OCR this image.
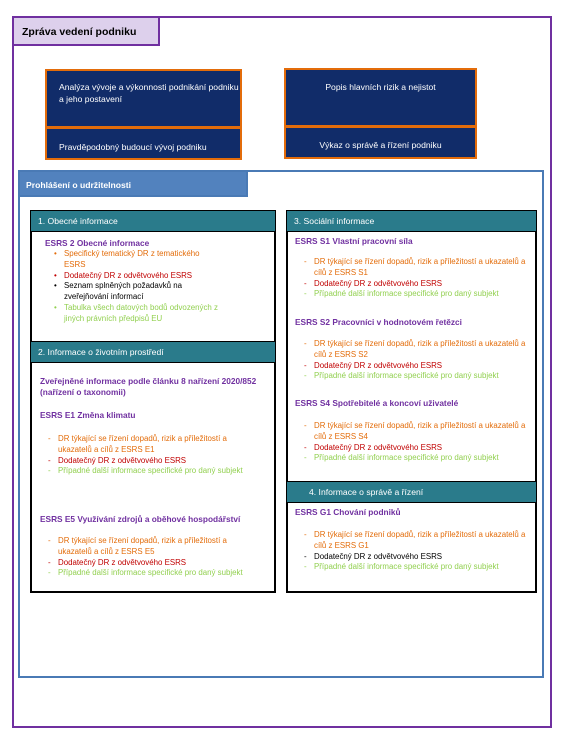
Zpráva vedení podniku
Analýza vývoje a výkonnosti podnikání podniku a jeho postavení
Pravděpodobný budoucí vývoj podniku
Popis hlavních rizik a nejistot
Výkaz o správě a řízení podniku
Prohlášení o udržitelnosti
1. Obecné informace
ESRS 2 Obecné informace
• Specifický tematický DR z tematického ESRS
• Dodatečný DR z odvětvového ESRS
• Seznam splněných požadavků na zveřejňování informací
• Tabulka všech datových bodů odvozených z jiných právních předpisů EU
2. Informace o životním prostředí
Zveřejněné informace podle článku 8 nařízení 2020/852 (nařízení o taxonomii)
ESRS E1 Změna klimatu
- DR týkající se řízení dopadů, rizik a příležitostí a ukazatelů a cílů z ESRS E1
- Dodatečný DR z odvětvového ESRS
- Případné další informace specifické pro daný subjekt
ESRS E5 Využívání zdrojů a oběhové hospodářství
- DR týkající se řízení dopadů, rizik a příležitostí a ukazatelů a cílů z ESRS E5
- Dodatečný DR z odvětvového ESRS
- Případné další informace specifické pro daný subjekt
3. Sociální informace
ESRS S1 Vlastní pracovní síla
- DR týkající se řízení dopadů, rizik a příležitostí a ukazatelů a cílů z ESRS S1
- Dodatečný DR z odvětvového ESRS
- Případné další informace specifické pro daný subjekt
ESRS S2 Pracovníci v hodnotovém řetězci
- DR týkající se řízení dopadů, rizik a příležitostí a ukazatelů a cílů z ESRS S2
- Dodatečný DR z odvětvového ESRS
- Případné další informace specifické pro daný subjekt
ESRS S4 Spotřebitelé a koncoví uživatelé
- DR týkající se řízení dopadů, rizik a příležitostí a ukazatelů a cílů z ESRS S4
- Dodatečný DR z odvětvového ESRS
- Případné další informace specifické pro daný subjekt
4. Informace o správě a řízení
ESRS G1 Chování podniků
- DR týkající se řízení dopadů, rizik a příležitostí a ukazatelů a cílů z ESRS G1
- Dodatečný DR z odvětvového ESRS
- Případné další informace specifické pro daný subjekt
